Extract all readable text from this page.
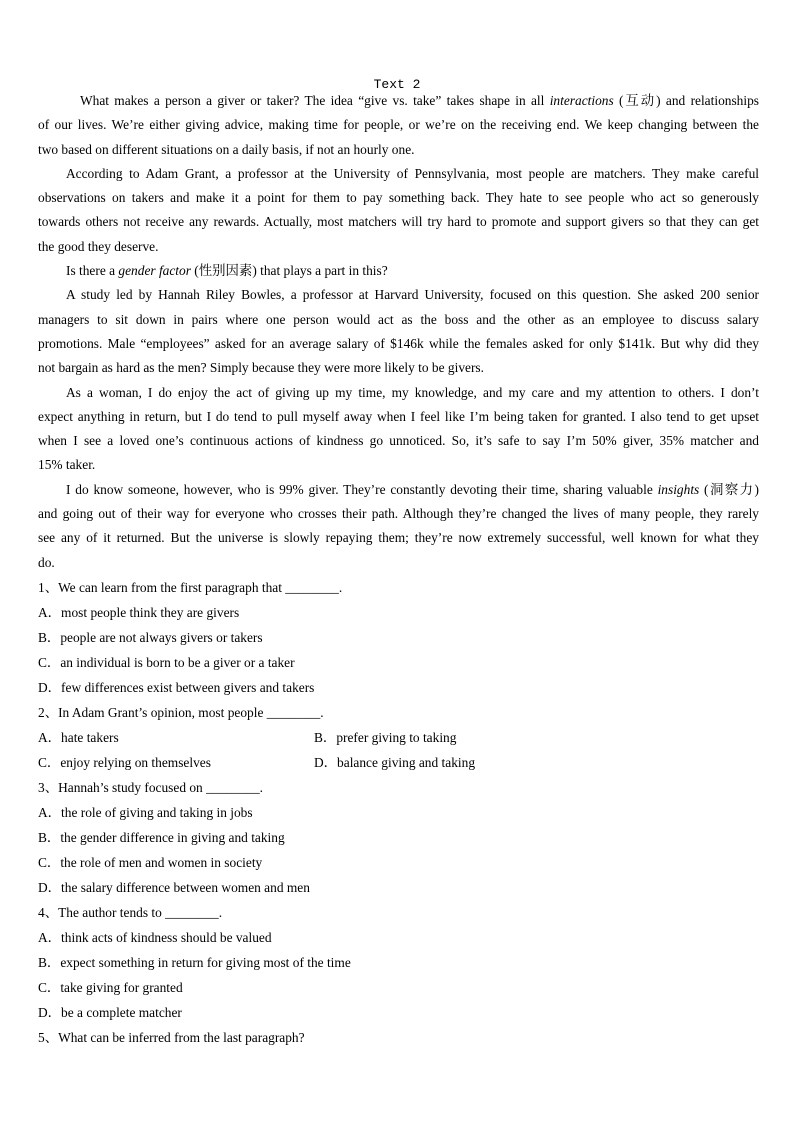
Text 2
What makes a person a giver or taker? The idea “give vs. take” takes shape in all interactions (互动) and relationships
of our lives. We’re either giving advice, making time for people, or we’re on the receiving end. We keep changing between the
two based on different situations on a daily basis, if not an hourly one.
According to Adam Grant, a professor at the University of Pennsylvania, most people are matchers. They make careful
observations on takers and make it a point for them to pay something back. They hate to see people who act so generously
towards others not receive any rewards. Actually, most matchers will try hard to promote and support givers so that they can get
the good they deserve.
Is there a gender factor (性别因素) that plays a part in this?
A study led by Hannah Riley Bowles, a professor at Harvard University, focused on this question. She asked 200 senior
managers to sit down in pairs where one person would act as the boss and the other as an employee to discuss salary
promotions. Male “employees” asked for an average salary of $146k while the females asked for only $141k. But why did they
not bargain as hard as the men? Simply because they were more likely to be givers.
As a woman, I do enjoy the act of giving up my time, my knowledge, and my care and my attention to others. I don’t
expect anything in return, but I do tend to pull myself away when I feel like I’m being taken for granted. I also tend to get upset
when I see a loved one’s continuous actions of kindness go unnoticed. So, it’s safe to say I’m 50% giver, 35% matcher and
15% taker.
I do know someone, however, who is 99% giver. They’re constantly devoting their time, sharing valuable insights (洞察力)
and going out of their way for everyone who crosses their path. Although they’re changed the lives of many people, they rarely
see any of it returned. But the universe is slowly repaying them; they’re now extremely successful, well known for what they
do.
1、We can learn from the first paragraph that ________.
A．most people think they are givers
B．people are not always givers or takers
C．an individual is born to be a giver or a taker
D．few differences exist between givers and takers
2、In Adam Grant’s opinion, most people ________.
A．hate takers	B．prefer giving to taking
C．enjoy relying on themselves	D．balance giving and taking
3、Hannah’s study focused on ________.
A．the role of giving and taking in jobs
B．the gender difference in giving and taking
C．the role of men and women in society
D．the salary difference between women and men
4、The author tends to ________.
A．think acts of kindness should be valued
B．expect something in return for giving most of the time
C．take giving for granted
D．be a complete matcher
5、What can be inferred from the last paragraph?
